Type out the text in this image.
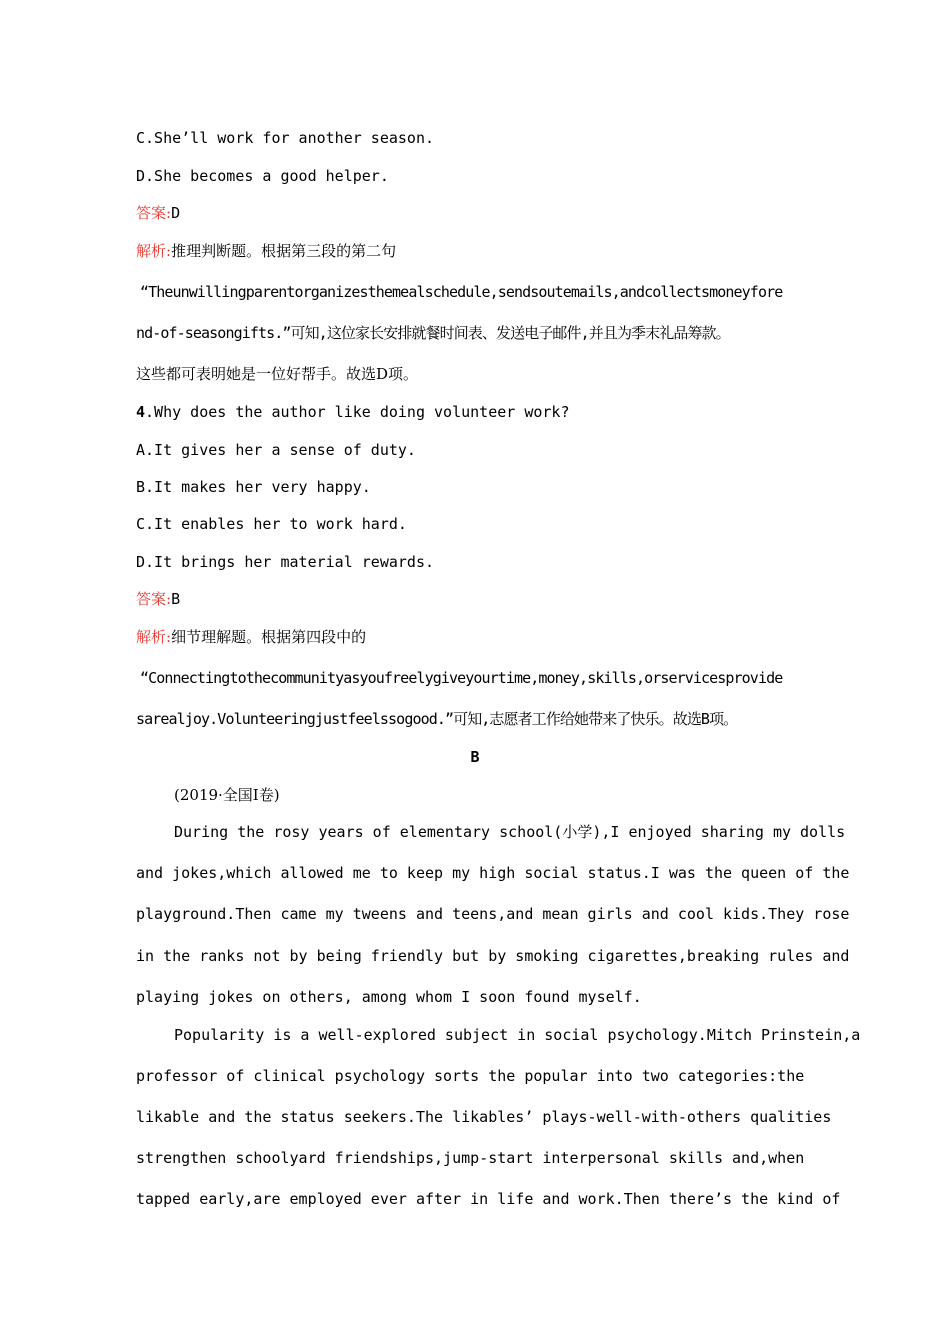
C.She’ll work for another season.
D.She becomes a good helper.
答案:D
解析:推理判断题。根据第三段的第二句
“Theunwillingparentorganizesthemealschedule,sendsoutemails,andcollectsmoneyfore
nd-of-seasongifts.”可知,这位家长安排就餐时间表、发送电子邮件,并且为季末礼品筹款。
这些都可表明她是一位好帮手。故选D项。
4.Why does the author like doing volunteer work?
A.It gives her a sense of duty.
B.It makes her very happy.
C.It enables her to work hard.
D.It brings her material rewards.
答案:B
解析:细节理解题。根据第四段中的
“Connectingtothecommunityasyoufreelygiveyourtime,money,skills,orservicesprovide
sarealjoy.Volunteeringjustfeelssogood.”可知,志愿者工作给她带来了快乐。故选B项。
B
(2019·全国Ⅰ卷)
During the rosy years of elementary school(小学),I enjoyed sharing my dolls
and jokes,which allowed me to keep my high social status.I was the queen of the
playground.Then came my tweens and teens,and mean girls and cool kids.They rose
in the ranks not by being friendly but by smoking cigarettes,breaking rules and
playing jokes on others, among whom I soon found myself.
Popularity is a well-explored subject in social psychology.Mitch Prinstein,a
professor of clinical psychology sorts the popular into two categories:the
likable and the status seekers.The likables’ plays-well-with-others qualities
strengthen schoolyard friendships,jump-start interpersonal skills and,when
tapped early,are employed ever after in life and work.Then there’s the kind of
